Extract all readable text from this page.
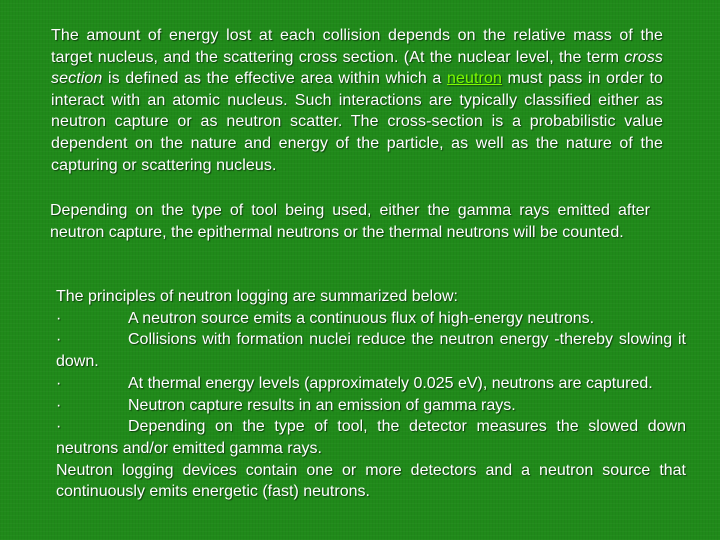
The amount of energy lost at each collision depends on the relative mass of the target nucleus, and the scattering cross section. (At the nuclear level, the term cross section is defined as the effective area within which a neutron must pass in order to interact with an atomic nucleus. Such interactions are typically classified either as neutron capture or as neutron scatter. The cross-section is a probabilistic value dependent on the nature and energy of the particle, as well as the nature of the capturing or scattering nucleus.

Depending on the type of tool being used, either the gamma rays emitted after neutron capture, the epithermal neutrons or the thermal neutrons will be counted.

The principles of neutron logging are summarized below:
·	A neutron source emits a continuous flux of high-energy neutrons.
·	Collisions with formation nuclei reduce the neutron energy -thereby slowing it down.
·	At thermal energy levels (approximately 0.025 eV), neutrons are captured.
·	Neutron capture results in an emission of gamma rays.
·	Depending on the type of tool, the detector measures the slowed down neutrons and/or emitted gamma rays.
Neutron logging devices contain one or more detectors and a neutron source that continuously emits energetic (fast) neutrons.
